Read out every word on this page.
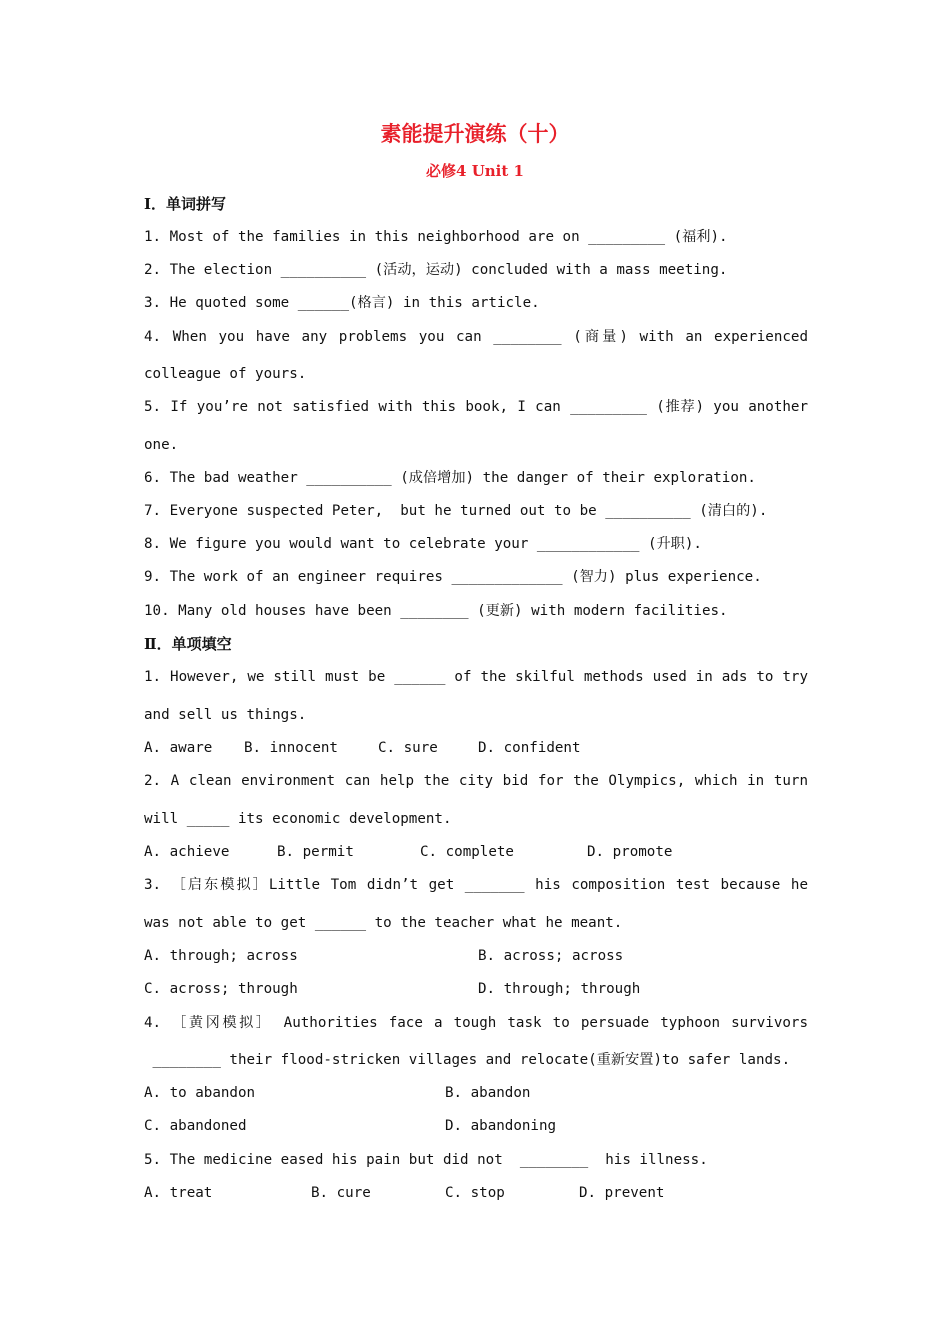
素能提升演练（十）
必修4 Unit 1
Ⅰ．单词拼写
1. Most of the families in this neighborhood are on _________ (福利).
2. The election __________ (活动，运动) concluded with a mass meeting.
3. He quoted some ______(格言) in this article.
4. When you have any problems you can ________ (商量) with an experienced
colleague of yours.
5. If you’re not satisfied with this book, I can _________ (推荐) you another
one.
6. The bad weather __________ (成倍增加) the danger of their exploration.
7. Everyone suspected Peter,  but he turned out to be __________ (清白的).
8. We figure you would want to celebrate your ____________ (升职).
9. The work of an engineer requires _____________ (智力) plus experience.
10. Many old houses have been ________ (更新) with modern facilities.
Ⅱ．单项填空
1. However, we still must be ______ of the skilful methods used in ads to try
and sell us things.
A. aware B. innocent	C. sure	D. confident
2. A clean environment can help the city bid for the Olympics, which in turn
will _____ its economic development.
A. achieve	B. permit	C. complete	D. promote
3. ［启东模拟］Little Tom didn’t get _______ his composition test because he
was not able to get ______ to the teacher what he meant.
A. through; across	B. across; across
C. across; through	D. through; through
4. ［黄冈模拟］ Authorities face a tough task to persuade typhoon survivors
________ their flood-stricken villages and relocate(重新安置)to safer lands.
A. to abandon	B. abandon
C. abandoned	D. abandoning
5. The medicine eased his pain but did not  ________  his illness.
A. treat	B. cure	C. stop	D. prevent
